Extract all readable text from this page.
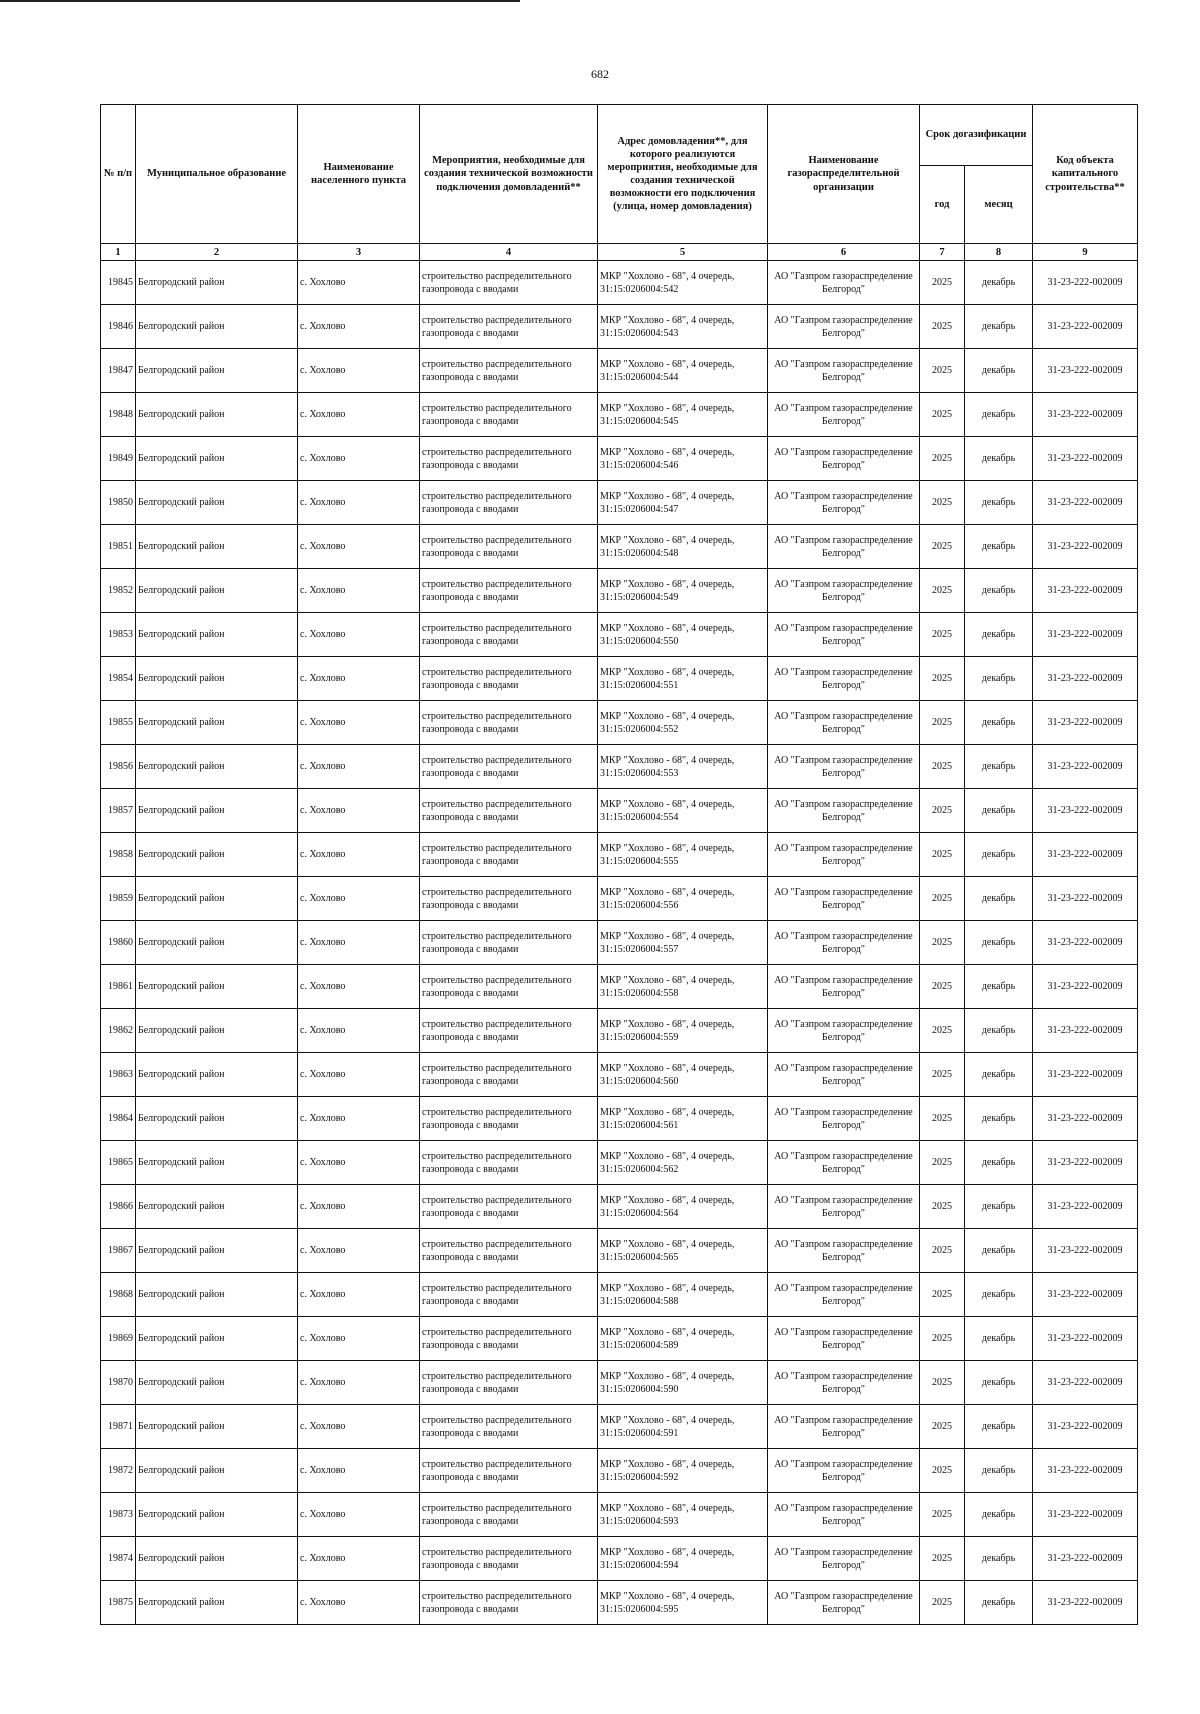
682
№ п/п	Муниципальное образование	Наименование населенного пункта	Мероприятия, необходимые для создания технической возможности подключения домовладений**	Адрес домовладения**, для которого реализуются мероприятия, необходимые для создания технической возможности его подключения (улица, номер домовладения)	Наименование газораспределительной организации	Срок догазификации		Код объекта капитального строительства**
						год	месяц	
1	2	3	4	5	6	7	8	9
19845	Белгородский район	с. Хохлово	строительство распределительного газопровода с вводами	МКР "Хохлово - 68", 4 очередь, 31:15:0206004:542	АО "Газпром газораспределение Белгород"	2025	декабрь	31-23-222-002009
19846	Белгородский район	с. Хохлово	строительство распределительного газопровода с вводами	МКР "Хохлово - 68", 4 очередь, 31:15:0206004:543	АО "Газпром газораспределение Белгород"	2025	декабрь	31-23-222-002009
19847	Белгородский район	с. Хохлово	строительство распределительного газопровода с вводами	МКР "Хохлово - 68", 4 очередь, 31:15:0206004:544	АО "Газпром газораспределение Белгород"	2025	декабрь	31-23-222-002009
19848	Белгородский район	с. Хохлово	строительство распределительного газопровода с вводами	МКР "Хохлово - 68", 4 очередь, 31:15:0206004:545	АО "Газпром газораспределение Белгород"	2025	декабрь	31-23-222-002009
19849	Белгородский район	с. Хохлово	строительство распределительного газопровода с вводами	МКР "Хохлово - 68", 4 очередь, 31:15:0206004:546	АО "Газпром газораспределение Белгород"	2025	декабрь	31-23-222-002009
19850	Белгородский район	с. Хохлово	строительство распределительного газопровода с вводами	МКР "Хохлово - 68", 4 очередь, 31:15:0206004:547	АО "Газпром газораспределение Белгород"	2025	декабрь	31-23-222-002009
19851	Белгородский район	с. Хохлово	строительство распределительного газопровода с вводами	МКР "Хохлово - 68", 4 очередь, 31:15:0206004:548	АО "Газпром газораспределение Белгород"	2025	декабрь	31-23-222-002009
19852	Белгородский район	с. Хохлово	строительство распределительного газопровода с вводами	МКР "Хохлово - 68", 4 очередь, 31:15:0206004:549	АО "Газпром газораспределение Белгород"	2025	декабрь	31-23-222-002009
19853	Белгородский район	с. Хохлово	строительство распределительного газопровода с вводами	МКР "Хохлово - 68", 4 очередь, 31:15:0206004:550	АО "Газпром газораспределение Белгород"	2025	декабрь	31-23-222-002009
19854	Белгородский район	с. Хохлово	строительство распределительного газопровода с вводами	МКР "Хохлово - 68", 4 очередь, 31:15:0206004:551	АО "Газпром газораспределение Белгород"	2025	декабрь	31-23-222-002009
19855	Белгородский район	с. Хохлово	строительство распределительного газопровода с вводами	МКР "Хохлово - 68", 4 очередь, 31:15:0206004:552	АО "Газпром газораспределение Белгород"	2025	декабрь	31-23-222-002009
19856	Белгородский район	с. Хохлово	строительство распределительного газопровода с вводами	МКР "Хохлово - 68", 4 очередь, 31:15:0206004:553	АО "Газпром газораспределение Белгород"	2025	декабрь	31-23-222-002009
19857	Белгородский район	с. Хохлово	строительство распределительного газопровода с вводами	МКР "Хохлово - 68", 4 очередь, 31:15:0206004:554	АО "Газпром газораспределение Белгород"	2025	декабрь	31-23-222-002009
19858	Белгородский район	с. Хохлово	строительство распределительного газопровода с вводами	МКР "Хохлово - 68", 4 очередь, 31:15:0206004:555	АО "Газпром газораспределение Белгород"	2025	декабрь	31-23-222-002009
19859	Белгородский район	с. Хохлово	строительство распределительного газопровода с вводами	МКР "Хохлово - 68", 4 очередь, 31:15:0206004:556	АО "Газпром газораспределение Белгород"	2025	декабрь	31-23-222-002009
19860	Белгородский район	с. Хохлово	строительство распределительного газопровода с вводами	МКР "Хохлово - 68", 4 очередь, 31:15:0206004:557	АО "Газпром газораспределение Белгород"	2025	декабрь	31-23-222-002009
19861	Белгородский район	с. Хохлово	строительство распределительного газопровода с вводами	МКР "Хохлово - 68", 4 очередь, 31:15:0206004:558	АО "Газпром газораспределение Белгород"	2025	декабрь	31-23-222-002009
19862	Белгородский район	с. Хохлово	строительство распределительного газопровода с вводами	МКР "Хохлово - 68", 4 очередь, 31:15:0206004:559	АО "Газпром газораспределение Белгород"	2025	декабрь	31-23-222-002009
19863	Белгородский район	с. Хохлово	строительство распределительного газопровода с вводами	МКР "Хохлово - 68", 4 очередь, 31:15:0206004:560	АО "Газпром газораспределение Белгород"	2025	декабрь	31-23-222-002009
19864	Белгородский район	с. Хохлово	строительство распределительного газопровода с вводами	МКР "Хохлово - 68", 4 очередь, 31:15:0206004:561	АО "Газпром газораспределение Белгород"	2025	декабрь	31-23-222-002009
19865	Белгородский район	с. Хохлово	строительство распределительного газопровода с вводами	МКР "Хохлово - 68", 4 очередь, 31:15:0206004:562	АО "Газпром газораспределение Белгород"	2025	декабрь	31-23-222-002009
19866	Белгородский район	с. Хохлово	строительство распределительного газопровода с вводами	МКР "Хохлово - 68", 4 очередь, 31:15:0206004:564	АО "Газпром газораспределение Белгород"	2025	декабрь	31-23-222-002009
19867	Белгородский район	с. Хохлово	строительство распределительного газопровода с вводами	МКР "Хохлово - 68", 4 очередь, 31:15:0206004:565	АО "Газпром газораспределение Белгород"	2025	декабрь	31-23-222-002009
19868	Белгородский район	с. Хохлово	строительство распределительного газопровода с вводами	МКР "Хохлово - 68", 4 очередь, 31:15:0206004:588	АО "Газпром газораспределение Белгород"	2025	декабрь	31-23-222-002009
19869	Белгородский район	с. Хохлово	строительство распределительного газопровода с вводами	МКР "Хохлово - 68", 4 очередь, 31:15:0206004:589	АО "Газпром газораспределение Белгород"	2025	декабрь	31-23-222-002009
19870	Белгородский район	с. Хохлово	строительство распределительного газопровода с вводами	МКР "Хохлово - 68", 4 очередь, 31:15:0206004:590	АО "Газпром газораспределение Белгород"	2025	декабрь	31-23-222-002009
19871	Белгородский район	с. Хохлово	строительство распределительного газопровода с вводами	МКР "Хохлово - 68", 4 очередь, 31:15:0206004:591	АО "Газпром газораспределение Белгород"	2025	декабрь	31-23-222-002009
19872	Белгородский район	с. Хохлово	строительство распределительного газопровода с вводами	МКР "Хохлово - 68", 4 очередь, 31:15:0206004:592	АО "Газпром газораспределение Белгород"	2025	декабрь	31-23-222-002009
19873	Белгородский район	с. Хохлово	строительство распределительного газопровода с вводами	МКР "Хохлово - 68", 4 очередь, 31:15:0206004:593	АО "Газпром газораспределение Белгород"	2025	декабрь	31-23-222-002009
19874	Белгородский район	с. Хохлово	строительство распределительного газопровода с вводами	МКР "Хохлово - 68", 4 очередь, 31:15:0206004:594	АО "Газпром газораспределение Белгород"	2025	декабрь	31-23-222-002009
19875	Белгородский район	с. Хохлово	строительство распределительного газопровода с вводами	МКР "Хохлово - 68", 4 очередь, 31:15:0206004:595	АО "Газпром газораспределение Белгород"	2025	декабрь	31-23-222-002009
